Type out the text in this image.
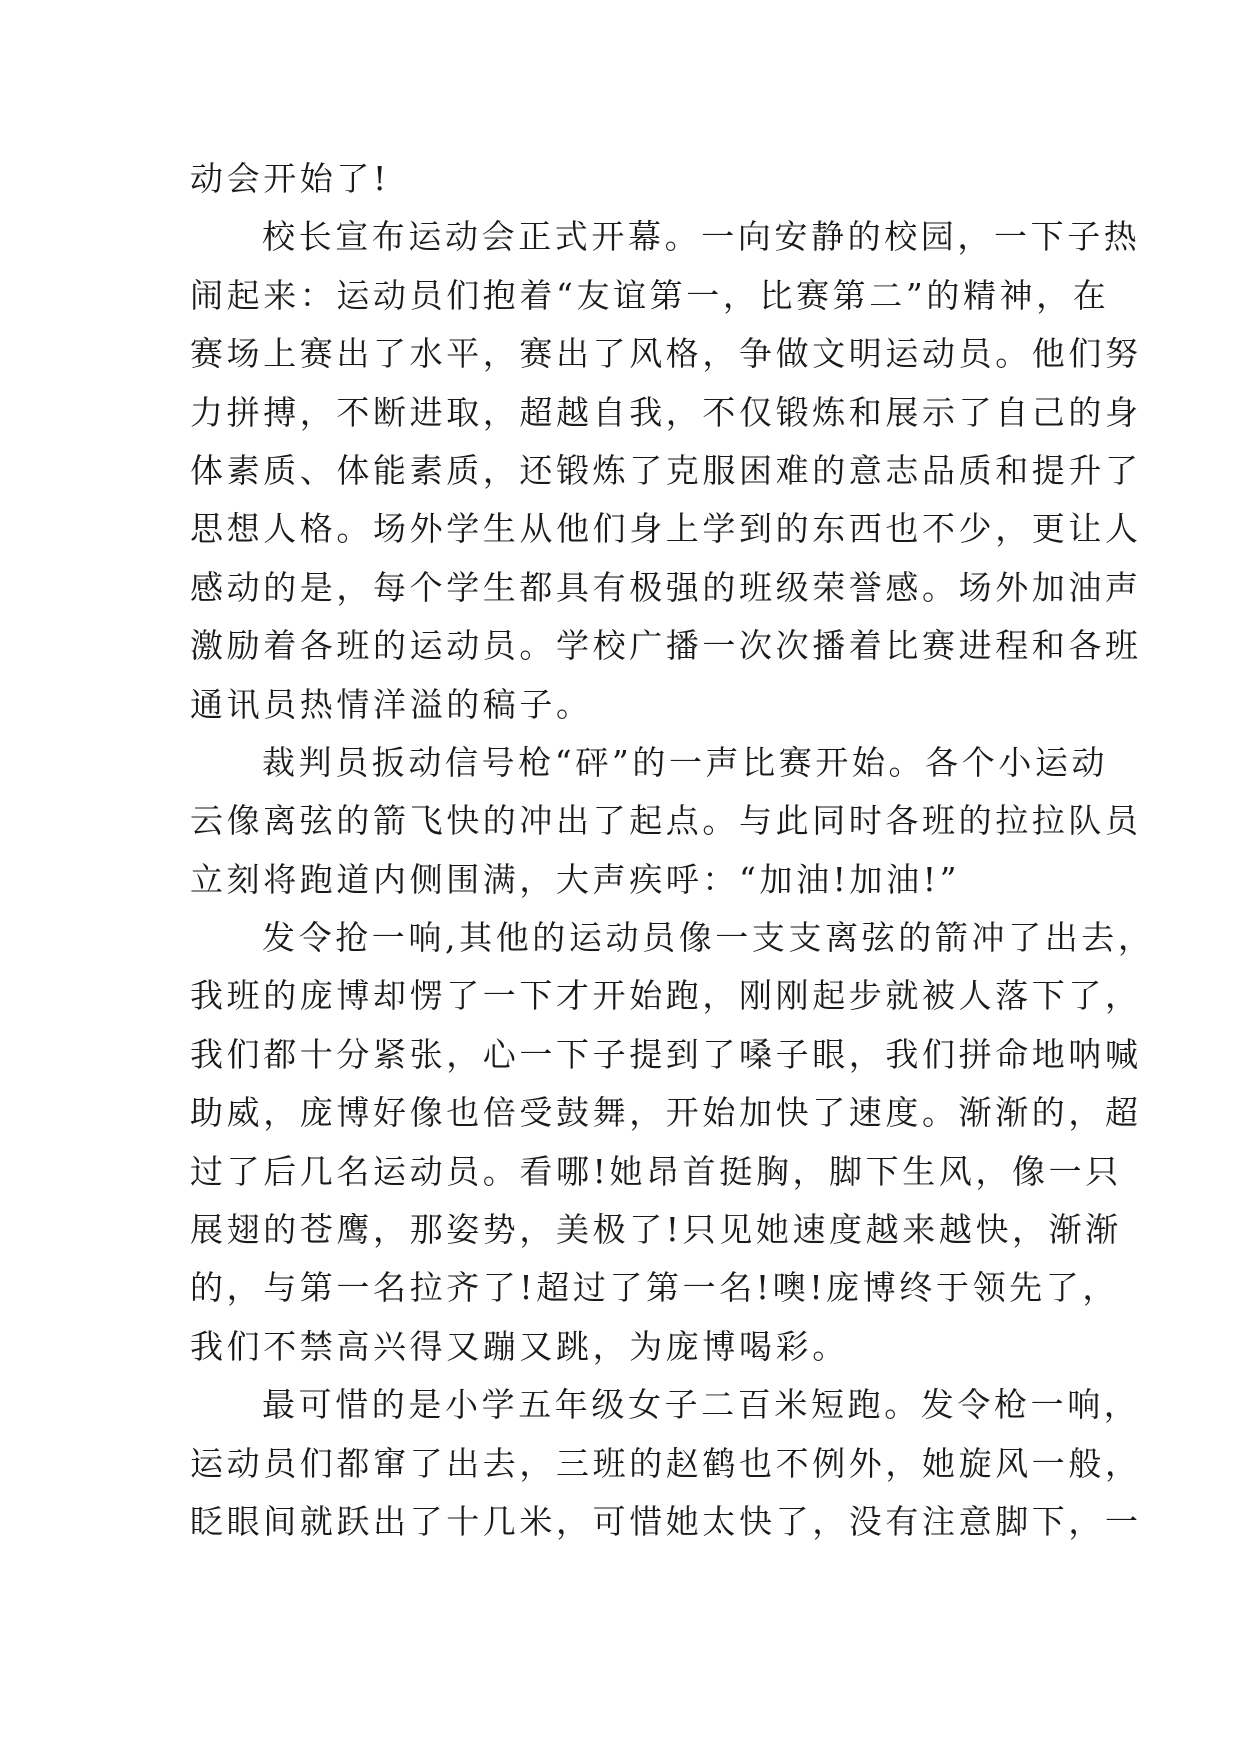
动会开始了!
校长宣布运动会正式开幕。一向安静的校园，一下子热
闹起来：运动员们抱着“友谊第一，比赛第二”的精神，在
赛场上赛出了水平，赛出了风格，争做文明运动员。他们努
力拼搏，不断进取，超越自我，不仅锻炼和展示了自己的身
体素质、体能素质，还锻炼了克服困难的意志品质和提升了
思想人格。场外学生从他们身上学到的东西也不少，更让人
感动的是，每个学生都具有极强的班级荣誉感。场外加油声
激励着各班的运动员。学校广播一次次播着比赛进程和各班
通讯员热情洋溢的稿子。
裁判员扳动信号枪“砰”的一声比赛开始。各个小运动
云像离弦的箭飞快的冲出了起点。与此同时各班的拉拉队员
立刻将跑道内侧围满，大声疾呼：“加油!加油!”
发令抢一响,其他的运动员像一支支离弦的箭冲了出去，
我班的庞博却愣了一下才开始跑，刚刚起步就被人落下了，
我们都十分紧张，心一下子提到了嗓子眼，我们拼命地呐喊
助威，庞博好像也倍受鼓舞，开始加快了速度。渐渐的，超
过了后几名运动员。看哪!她昂首挺胸，脚下生风，像一只
展翅的苍鹰，那姿势，美极了!只见她速度越来越快，渐渐
的，与第一名拉齐了!超过了第一名!噢!庞博终于领先了，
我们不禁高兴得又蹦又跳，为庞博喝彩。
最可惜的是小学五年级女子二百米短跑。发令枪一响，
运动员们都窜了出去，三班的赵鹤也不例外，她旋风一般，
眨眼间就跃出了十几米，可惜她太快了，没有注意脚下，一
